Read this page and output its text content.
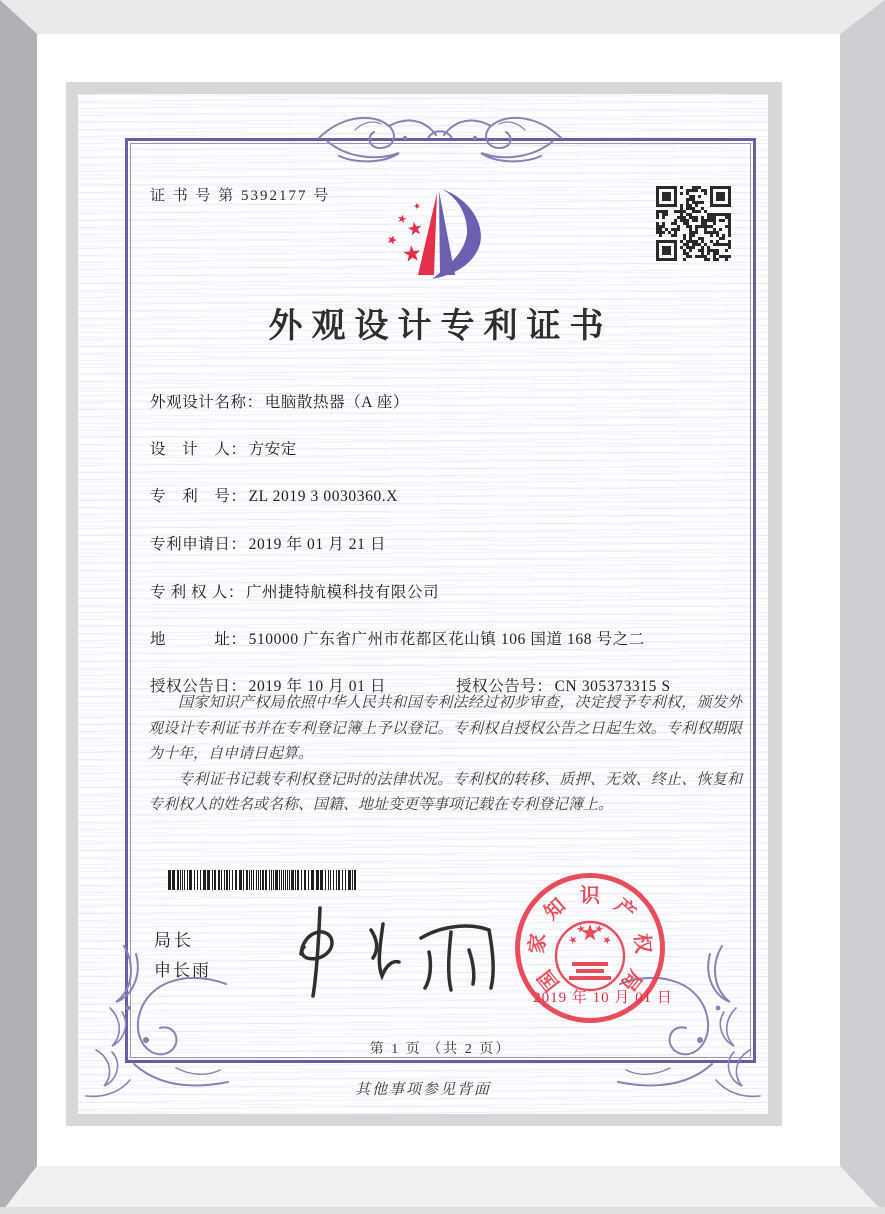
证 书 号 第 5392177 号
外观设计专利证书
外观设计名称： 电脑散热器（A 座）
设　计　人： 方安定
专　利　号： ZL 2019 3 0030360.X
专利申请日： 2019 年 01 月 21 日
专 利 权 人： 广州捷特航模科技有限公司
地　　　址： 510000 广东省广州市花都区花山镇 106 国道 168 号之二
授权公告日： 2019 年 10 月 01 日	授权公告号： CN 305373315 S

国家知识产权局依照中华人民共和国专利法经过初步审查，决定授予专利权，颁发外观设计专利证书并在专利登记簿上予以登记。专利权自授权公告之日起生效。专利权期限为十年，自申请日起算。

专利证书记载专利权登记时的法律状况。专利权的转移、质押、无效、终止、恢复和专利权人的姓名或名称、国籍、地址变更等事项记载在专利登记簿上。

局长
申长雨	国
家
知 识 产
权
局
2019 年 10 月 01 日
第 1 页 （共 2 页）
其他事项参见背面
